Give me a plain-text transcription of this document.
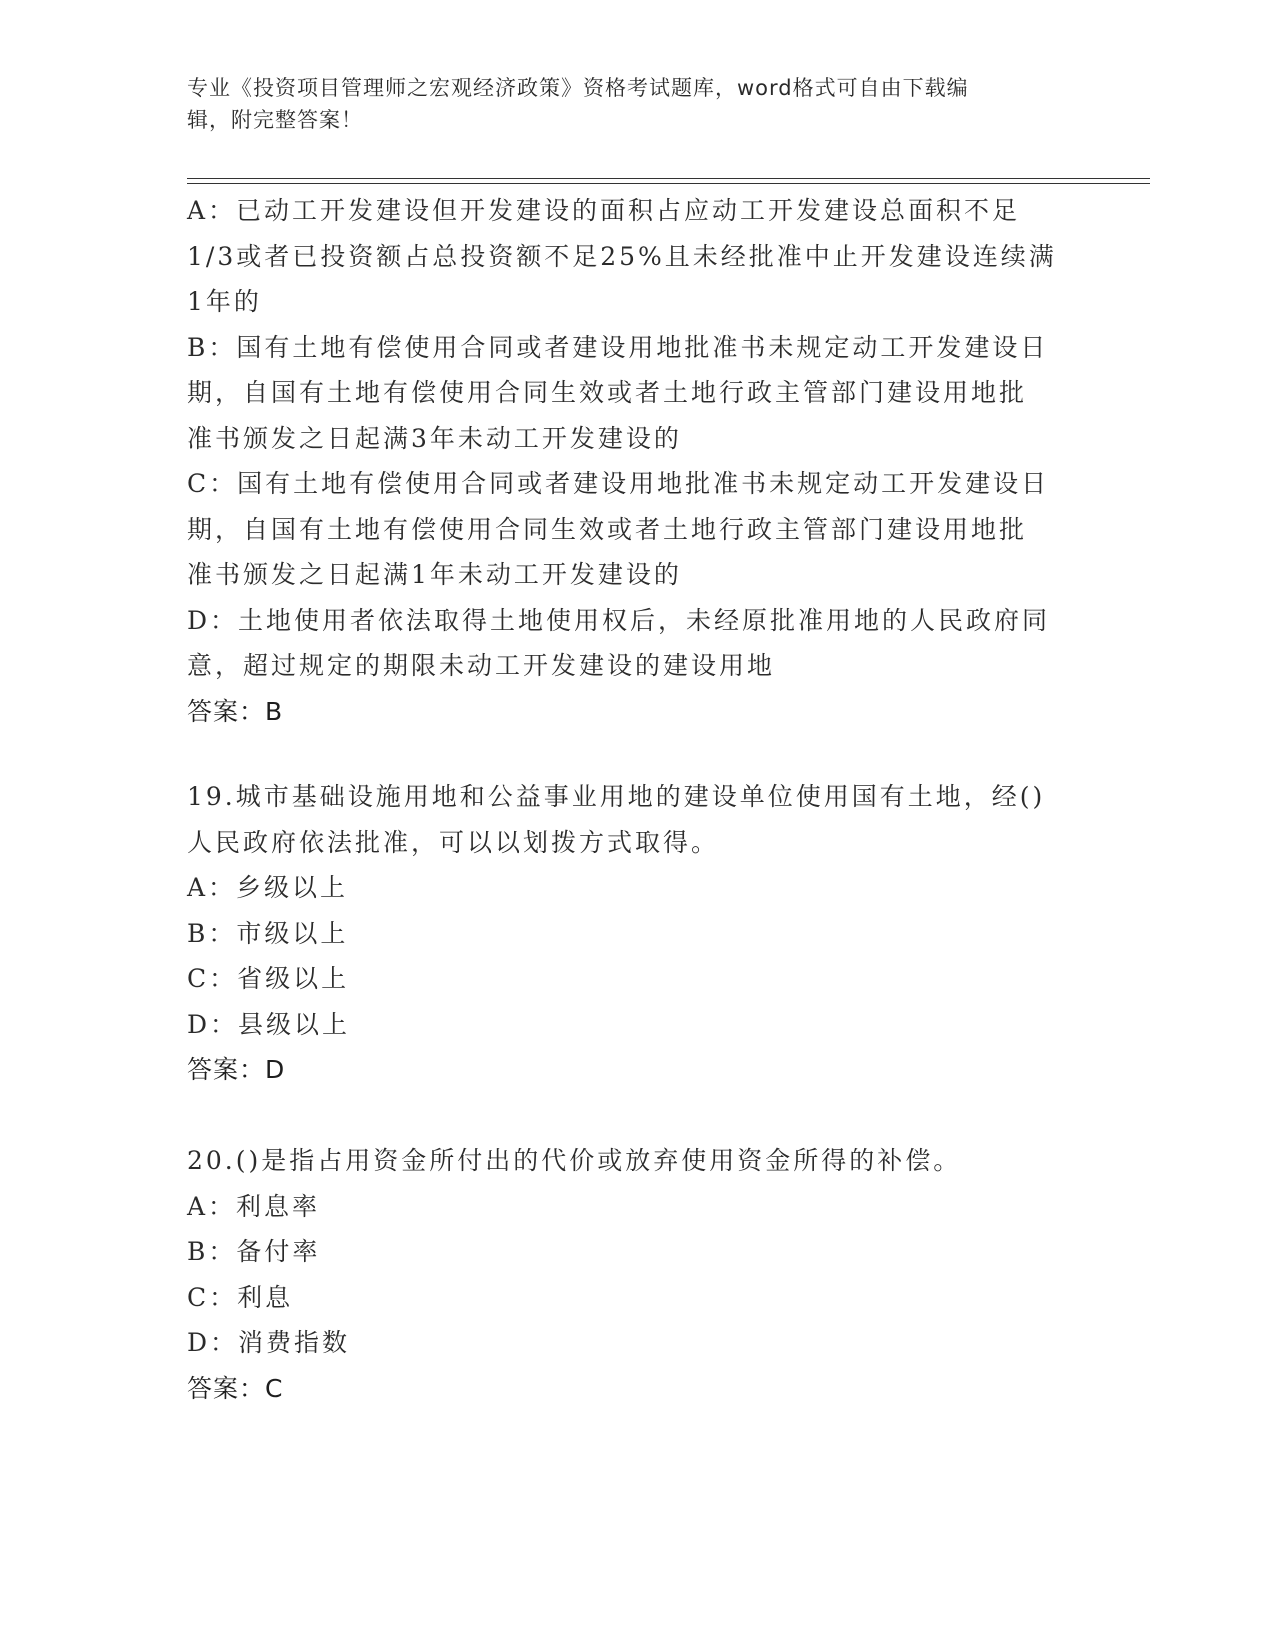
专业《投资项目管理师之宏观经济政策》资格考试题库，word格式可自由下载编
辑，附完整答案！
A：已动工开发建设但开发建设的面积占应动工开发建设总面积不足
1/3或者已投资额占总投资额不足25%且未经批准中止开发建设连续满
1年的
B：国有土地有偿使用合同或者建设用地批准书未规定动工开发建设日
期，自国有土地有偿使用合同生效或者土地行政主管部门建设用地批
准书颁发之日起满3年未动工开发建设的
C：国有土地有偿使用合同或者建设用地批准书未规定动工开发建设日
期，自国有土地有偿使用合同生效或者土地行政主管部门建设用地批
准书颁发之日起满1年未动工开发建设的
D：土地使用者依法取得土地使用权后，未经原批准用地的人民政府同
意，超过规定的期限未动工开发建设的建设用地
答案：B
19.城市基础设施用地和公益事业用地的建设单位使用国有土地，经()
人民政府依法批准，可以以划拨方式取得。
A：乡级以上
B：市级以上
C：省级以上
D：县级以上
答案：D
20.()是指占用资金所付出的代价或放弃使用资金所得的补偿。
A：利息率
B：备付率
C：利息
D：消费指数
答案：C
